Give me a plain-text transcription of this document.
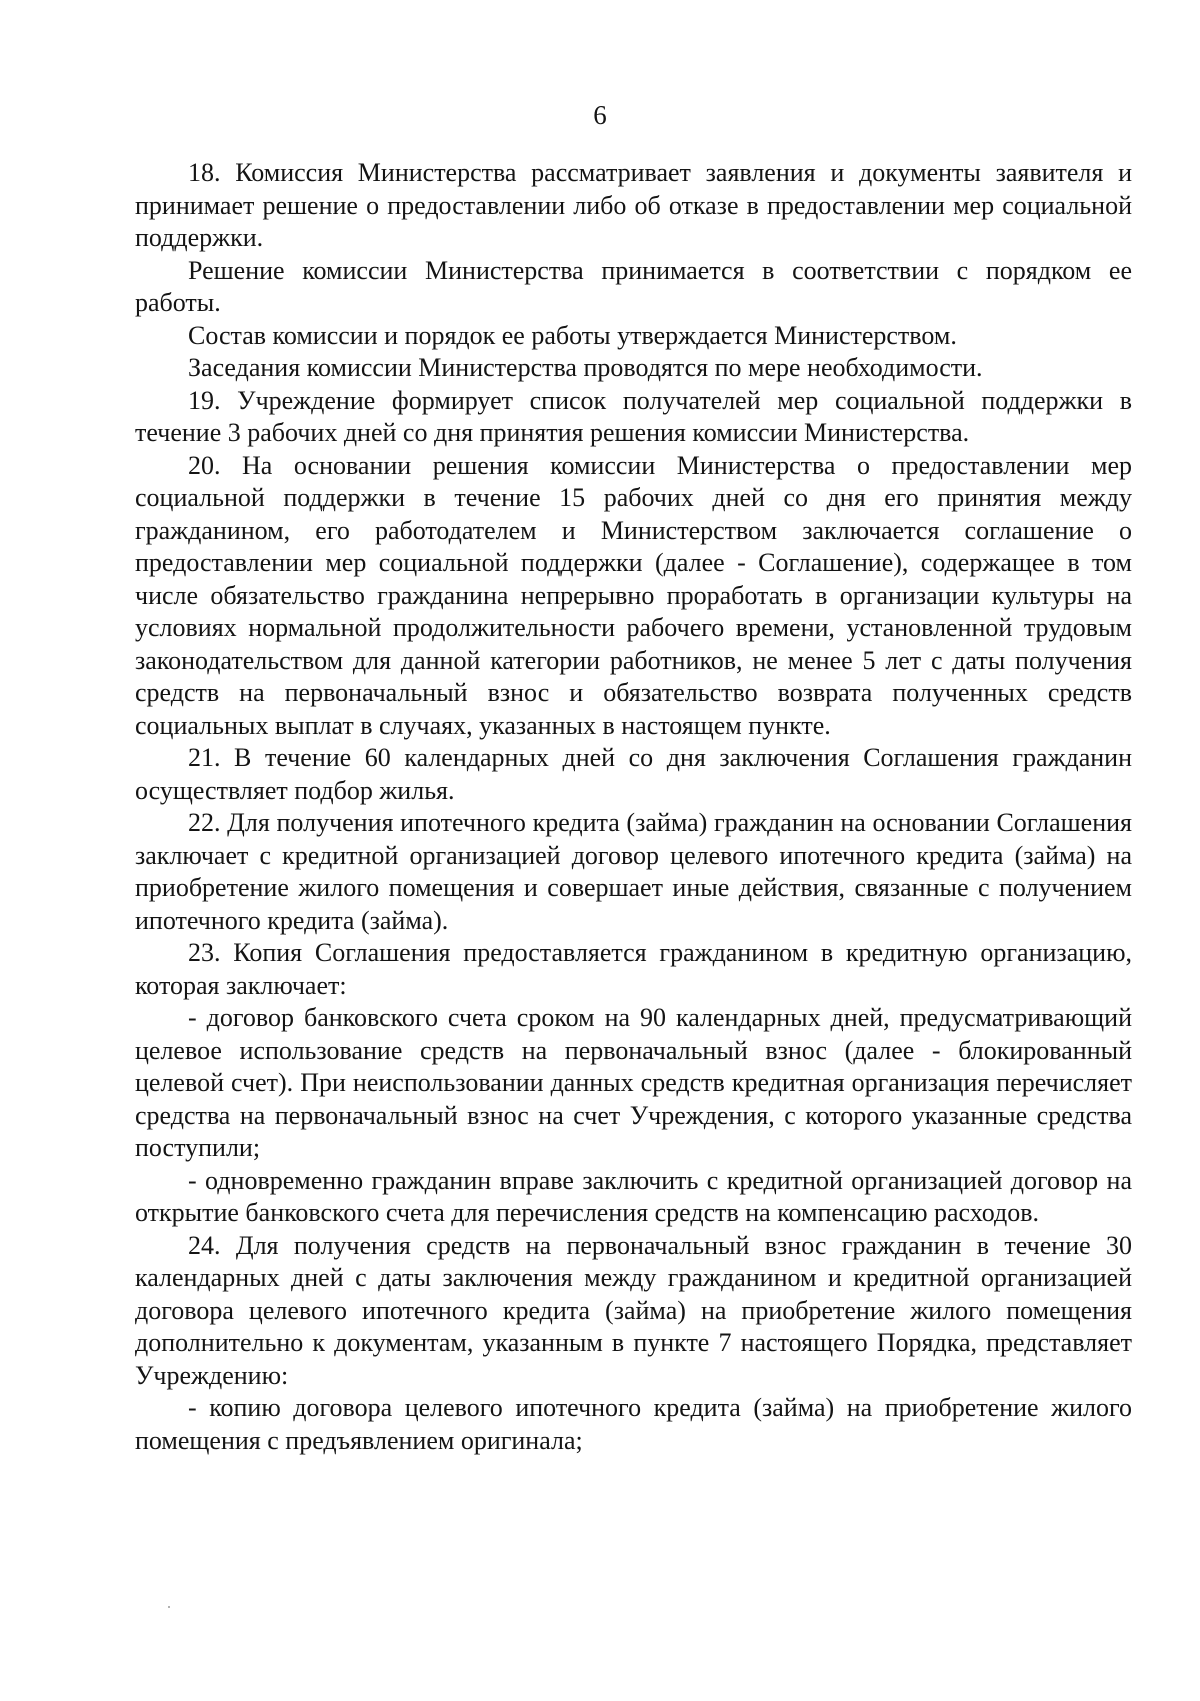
6

18. Комиссия Министерства рассматривает заявления и документы заявителя и принимает решение о предоставлении либо об отказе в предоставлении мер социальной поддержки.

Решение комиссии Министерства принимается в соответствии с порядком ее работы.

Состав комиссии и порядок ее работы утверждается Министерством.

Заседания комиссии Министерства проводятся по мере необходимости.

19. Учреждение формирует список получателей мер социальной поддержки в течение 3 рабочих дней со дня принятия решения комиссии Министерства.

20. На основании решения комиссии Министерства о предоставлении мер социальной поддержки в течение 15 рабочих дней со дня его принятия между гражданином, его работодателем и Министерством заключается соглашение о предоставлении мер социальной поддержки (далее - Соглашение), содержащее в том числе обязательство гражданина непрерывно проработать в организации культуры на условиях нормальной продолжительности рабочего времени, установленной трудовым законодательством для данной категории работников, не менее 5 лет с даты получения средств на первоначальный взнос и обязательство возврата полученных средств социальных выплат в случаях, указанных в настоящем пункте.

21. В течение 60 календарных дней со дня заключения Соглашения гражданин осуществляет подбор жилья.

22. Для получения ипотечного кредита (займа) гражданин на основании Соглашения заключает с кредитной организацией договор целевого ипотечного кредита (займа) на приобретение жилого помещения и совершает иные действия, связанные с получением ипотечного кредита (займа).

23. Копия Соглашения предоставляется гражданином в кредитную организацию, которая заключает:

- договор банковского счета сроком на 90 календарных дней, предусматривающий целевое использование средств на первоначальный взнос (далее - блокированный целевой счет). При неиспользовании данных средств кредитная организация перечисляет средства на первоначальный взнос на счет Учреждения, с которого указанные средства поступили;

- одновременно гражданин вправе заключить с кредитной организацией договор на открытие банковского счета для перечисления средств на компенсацию расходов.

24. Для получения средств на первоначальный взнос гражданин в течение 30 календарных дней с даты заключения между гражданином и кредитной организацией договора целевого ипотечного кредита (займа) на приобретение жилого помещения дополнительно к документам, указанным в пункте 7 настоящего Порядка, представляет Учреждению:

- копию договора целевого ипотечного кредита (займа) на приобретение жилого помещения с предъявлением оригинала;
